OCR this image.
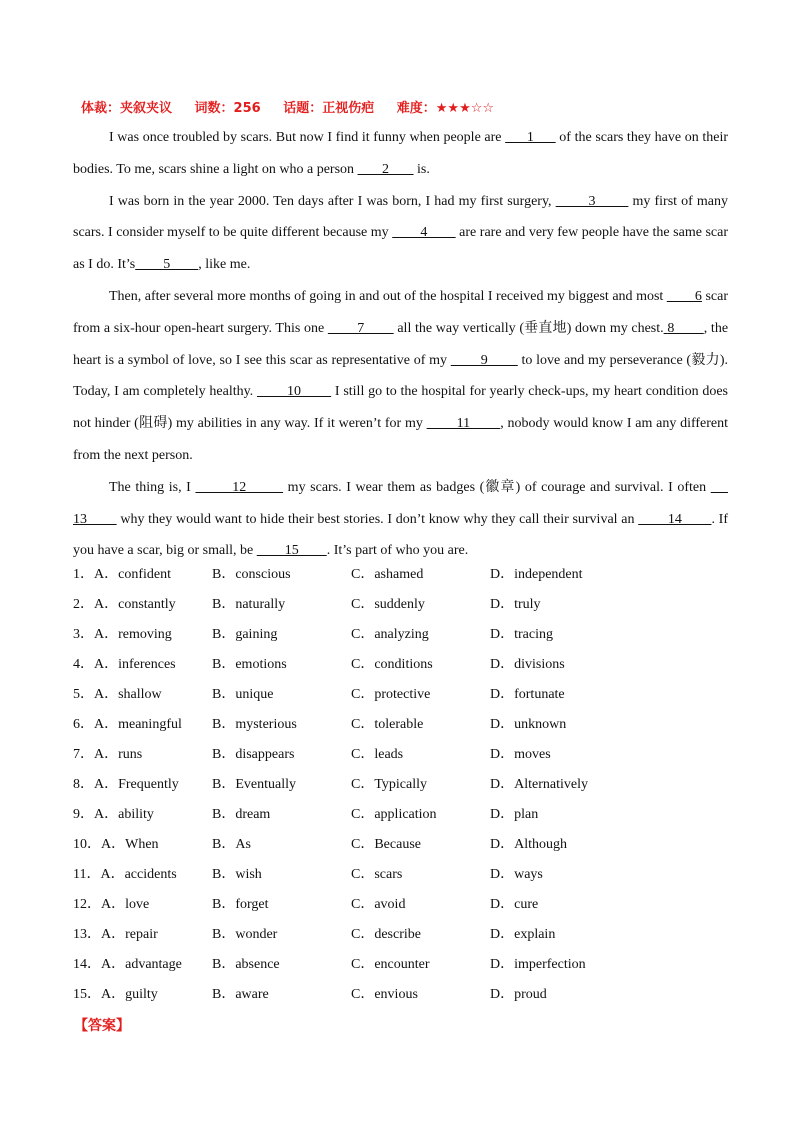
体裁：夹叙夹议 词数：256 话题：正视伤疤 难度：★★★☆☆

I was once troubled by scars. But now I find it funny when people are       1       of the scars they have on their bodies. To me, scars shine a light on who a person        2        is.

I was born in the year 2000. Ten days after I was born, I had my first surgery,         3         my first of many scars. I consider myself to be quite different because my         4         are rare and very few people have the same scar as I do. It’s        5        , like me.

Then, after several more months of going in and out of the hospital I received my biggest and most         6 scar from a six-hour open-heart surgery. This one         7         all the way vertically (垂直地) down my chest. 8        , the heart is a symbol of love, so I see this scar as representative of my         9         to love and my perseverance (毅力). Today, I am completely healthy.         10         I still go to the hospital for yearly check-ups, my heart condition does not hinder (阻碍) my abilities in any way. If it weren’t for my         11        , nobody would know I am any different from the next person.

The thing is, I         12         my scars. I wear them as badges (徽章) of courage and survival. I often      13         why they would want to hide their best stories. I don’t know why they call their survival an         14        . If you have a scar, big or small, be         15        . It’s part of who you are.

1．A．confident	B．conscious	C．ashamed	D．independent
2．A．constantly	B．naturally	C．suddenly	D．truly
3．A．removing	B．gaining	C．analyzing	D．tracing
4．A．inferences	B．emotions	C．conditions	D．divisions
5．A．shallow	B．unique	C．protective	D．fortunate
6．A．meaningful B．mysterious	C．tolerable	D．unknown
7．A．runs	B．disappears	C．leads	D．moves
8．A．Frequently B．Eventually	C．Typically	D．Alternatively
9．A．ability	B．dream	C．application	D．plan
10．A．When	B．As	C．Because	D．Although
11．A．accidents	B．wish	C．scars	D．ways
12．A．love	B．forget	C．avoid	D．cure
13．A．repair	B．wonder	C．describe	D．explain
14．A．advantage B．absence	C．encounter	D．imperfection
15．A．guilty	B．aware	C．envious	D．proud
【答案】
